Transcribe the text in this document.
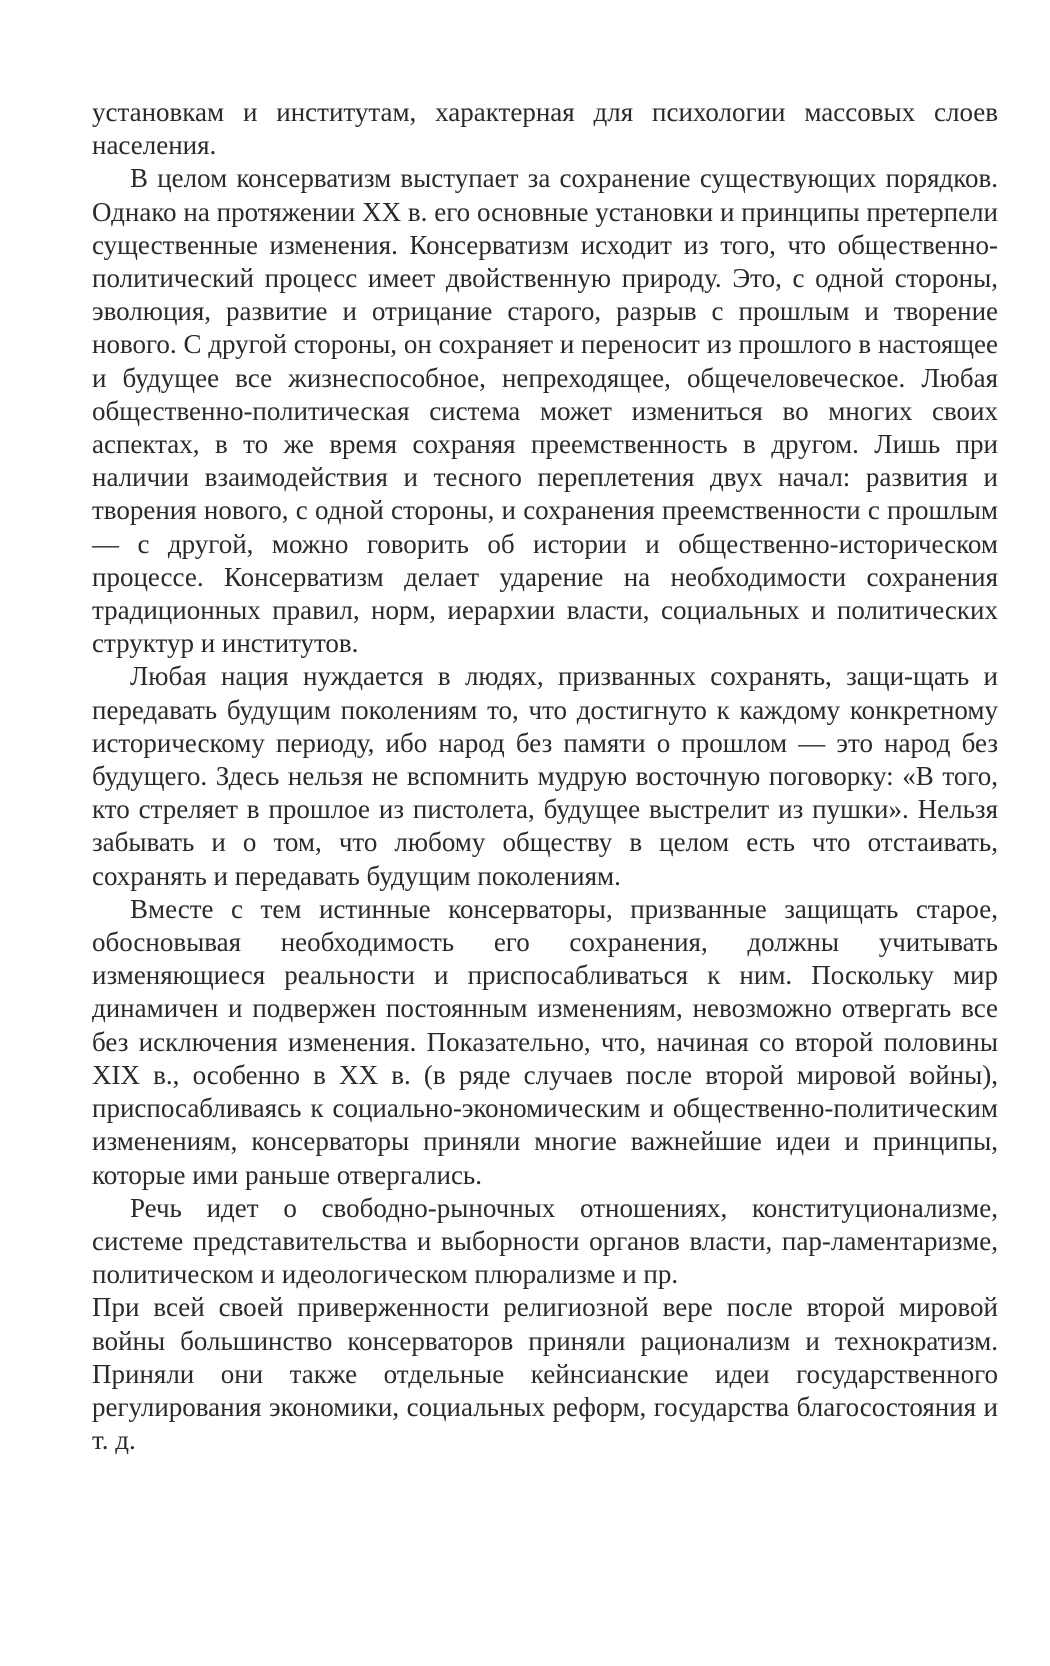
установкам и институтам, характерная для психологии массовых слоев населения.

В целом консерватизм выступает за сохранение существующих порядков. Однако на протяжении XX в. его основные установки и принципы претерпели существенные изменения. Консерватизм исходит из того, что общественно-политический процесс имеет двойственную природу. Это, с одной стороны, эволюция, развитие и отрицание старого, разрыв с прошлым и творение нового. С другой стороны, он сохраняет и переносит из прошлого в настоящее и будущее все жизнеспособное, непреходящее, общечеловеческое. Любая общественно-политическая система может измениться во многих своих аспектах, в то же время сохраняя преемственность в другом. Лишь при наличии взаимодействия и тесного переплетения двух начал: развития и творения нового, с одной стороны, и сохранения преемственности с прошлым — с другой, можно говорить об истории и общественно-историческом процессе. Консерватизм делает ударение на необходимости сохранения традиционных правил, норм, иерархии власти, социальных и политических структур и институтов.

Любая нация нуждается в людях, призванных сохранять, защи-щать и передавать будущим поколениям то, что достигнуто к каждому конкретному историческому периоду, ибо народ без памяти о прошлом — это народ без будущего. Здесь нельзя не вспомнить мудрую восточную поговорку: «В того, кто стреляет в прошлое из пистолета, будущее выстрелит из пушки». Нельзя забывать и о том, что любому обществу в целом есть что отстаивать, сохранять и передавать будущим поколениям.

Вместе с тем истинные консерваторы, призванные защищать старое, обосновывая необходимость его сохранения, должны учитывать изменяющиеся реальности и приспосабливаться к ним. Поскольку мир динамичен и подвержен постоянным изменениям, невозможно отвергать все без исключения изменения. Показательно, что, начиная со второй половины XIX в., особенно в XX в. (в ряде случаев после второй мировой войны), приспосабливаясь к социально-экономическим и общественно-политическим изменениям, консерваторы приняли многие важнейшие идеи и принципы, которые ими раньше отвергались.

Речь идет о свободно-рыночных отношениях, конституционализме, системе представительства и выборности органов власти, пар-ламентаризме, политическом и идеологическом плюрализме и пр.

При всей своей приверженности религиозной вере после второй мировой войны большинство консерваторов приняли рационализм и технократизм. Приняли они также отдельные кейнсианские идеи государственного регулирования экономики, социальных реформ, государства благосостояния и т. д.
